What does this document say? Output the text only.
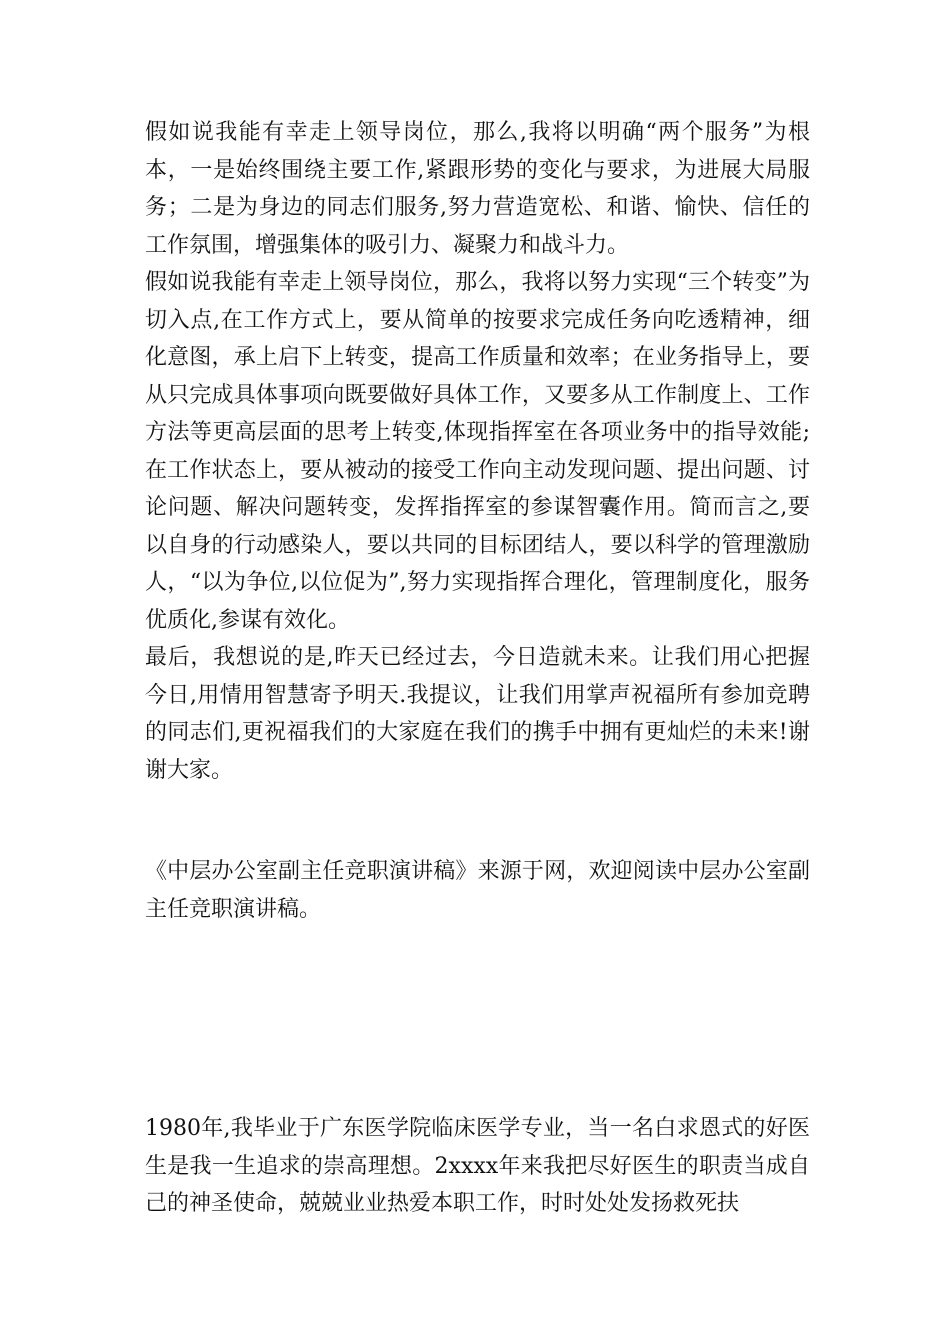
假如说我能有幸走上领导岗位，那么,我将以明确“两个服务”为根本，一是始终围绕主要工作,紧跟形势的变化与要求，为进展大局服务；二是为身边的同志们服务,努力营造宽松、和谐、愉快、信任的工作氛围，增强集体的吸引力、凝聚力和战斗力。

假如说我能有幸走上领导岗位，那么，我将以努力实现“三个转变”为切入点,在工作方式上，要从简单的按要求完成任务向吃透精神，细化意图，承上启下上转变，提高工作质量和效率；在业务指导上，要从只完成具体事项向既要做好具体工作，又要多从工作制度上、工作方法等更高层面的思考上转变,体现指挥室在各项业务中的指导效能;在工作状态上，要从被动的接受工作向主动发现问题、提出问题、讨论问题、解决问题转变，发挥指挥室的参谋智囊作用。简而言之,要以自身的行动感染人，要以共同的目标团结人，要以科学的管理激励人，“以为争位,以位促为”,努力实现指挥合理化，管理制度化，服务优质化,参谋有效化。

最后，我想说的是,昨天已经过去，今日造就未来。让我们用心把握今日,用情用智慧寄予明天.我提议，让我们用掌声祝福所有参加竞聘的同志们,更祝福我们的大家庭在我们的携手中拥有更灿烂的未来!谢谢大家。

《中层办公室副主任竞职演讲稿》来源于网，欢迎阅读中层办公室副主任竞职演讲稿。

1980年,我毕业于广东医学院临床医学专业，当一名白求恩式的好医生是我一生追求的崇高理想。2xxxx年来我把尽好医生的职责当成自己的神圣使命，兢兢业业热爱本职工作，时时处处发扬救死扶
